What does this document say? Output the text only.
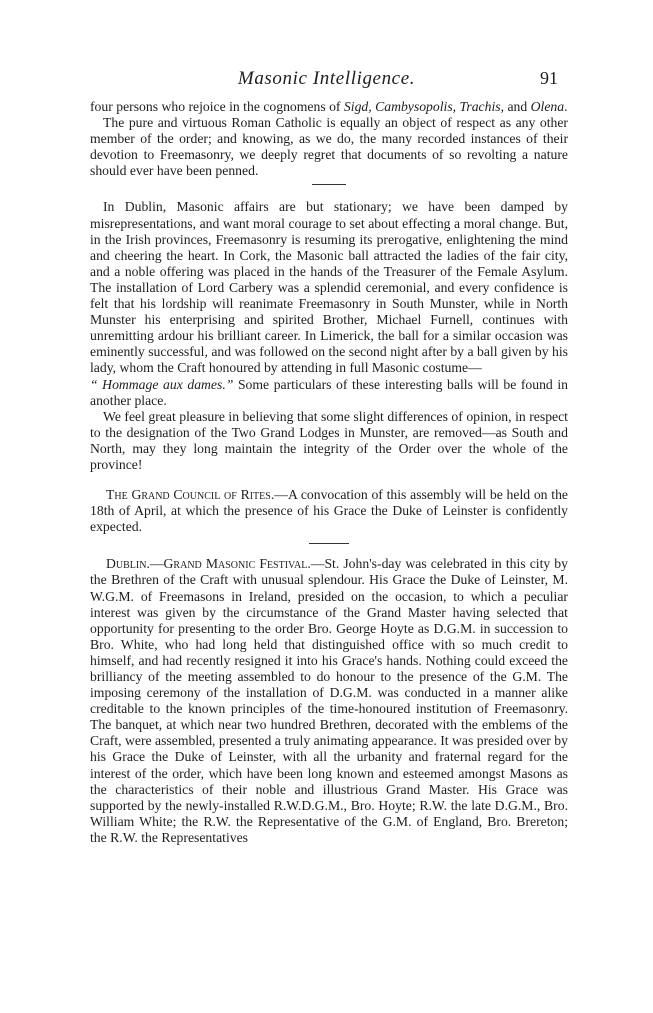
Masonic Intelligence.	91

four persons who rejoice in the cognomens of Sigd, Cambysopolis, Trachis, and Olena.

The pure and virtuous Roman Catholic is equally an object of respect as any other member of the order; and knowing, as we do, the many recorded instances of their devotion to Freemasonry, we deeply regret that documents of so revolting a nature should ever have been penned.

In Dublin, Masonic affairs are but stationary; we have been damped by misrepresentations, and want moral courage to set about effecting a moral change. But, in the Irish provinces, Freemasonry is resuming its prerogative, enlightening the mind and cheering the heart. In Cork, the Masonic ball attracted the ladies of the fair city, and a noble offering was placed in the hands of the Treasurer of the Female Asylum. The installation of Lord Carbery was a splendid ceremonial, and every confidence is felt that his lordship will reanimate Freemasonry in South Munster, while in North Munster his enterprising and spirited Brother, Michael Furnell, continues with unremitting ardour his brilliant career. In Limerick, the ball for a similar occasion was eminently successful, and was followed on the second night after by a ball given by his lady, whom the Craft honoured by attending in full Masonic costume—
“ Hommage aux dames.” Some particulars of these interesting balls will be found in another place.

We feel great pleasure in believing that some slight differences of opinion, in respect to the designation of the Two Grand Lodges in Munster, are removed—as South and North, may they long maintain the integrity of the Order over the whole of the province!

The Grand Council of Rites.—A convocation of this assembly will be held on the 18th of April, at which the presence of his Grace the Duke of Leinster is confidently expected.

Dublin.—Grand Masonic Festival.—St. John's-day was celebrated in this city by the Brethren of the Craft with unusual splendour. His Grace the Duke of Leinster, M. W.G.M. of Freemasons in Ireland, presided on the occasion, to which a peculiar interest was given by the circumstance of the Grand Master having selected that opportunity for presenting to the order Bro. George Hoyte as D.G.M. in succession to Bro. White, who had long held that distinguished office with so much credit to himself, and had recently resigned it into his Grace's hands. Nothing could exceed the brilliancy of the meeting assembled to do honour to the presence of the G.M. The imposing ceremony of the installation of D.G.M. was conducted in a manner alike creditable to the known principles of the time-honoured institution of Freemasonry. The banquet, at which near two hundred Brethren, decorated with the emblems of the Craft, were assembled, presented a truly animating appearance. It was presided over by his Grace the Duke of Leinster, with all the urbanity and fraternal regard for the interest of the order, which have been long known and esteemed amongst Masons as the characteristics of their noble and illustrious Grand Master. His Grace was supported by the newly-installed R.W.D.G.M., Bro. Hoyte; R.W. the late D.G.M., Bro. William White; the R.W. the Representative of the G.M. of England, Bro. Brereton; the R.W. the Representatives
